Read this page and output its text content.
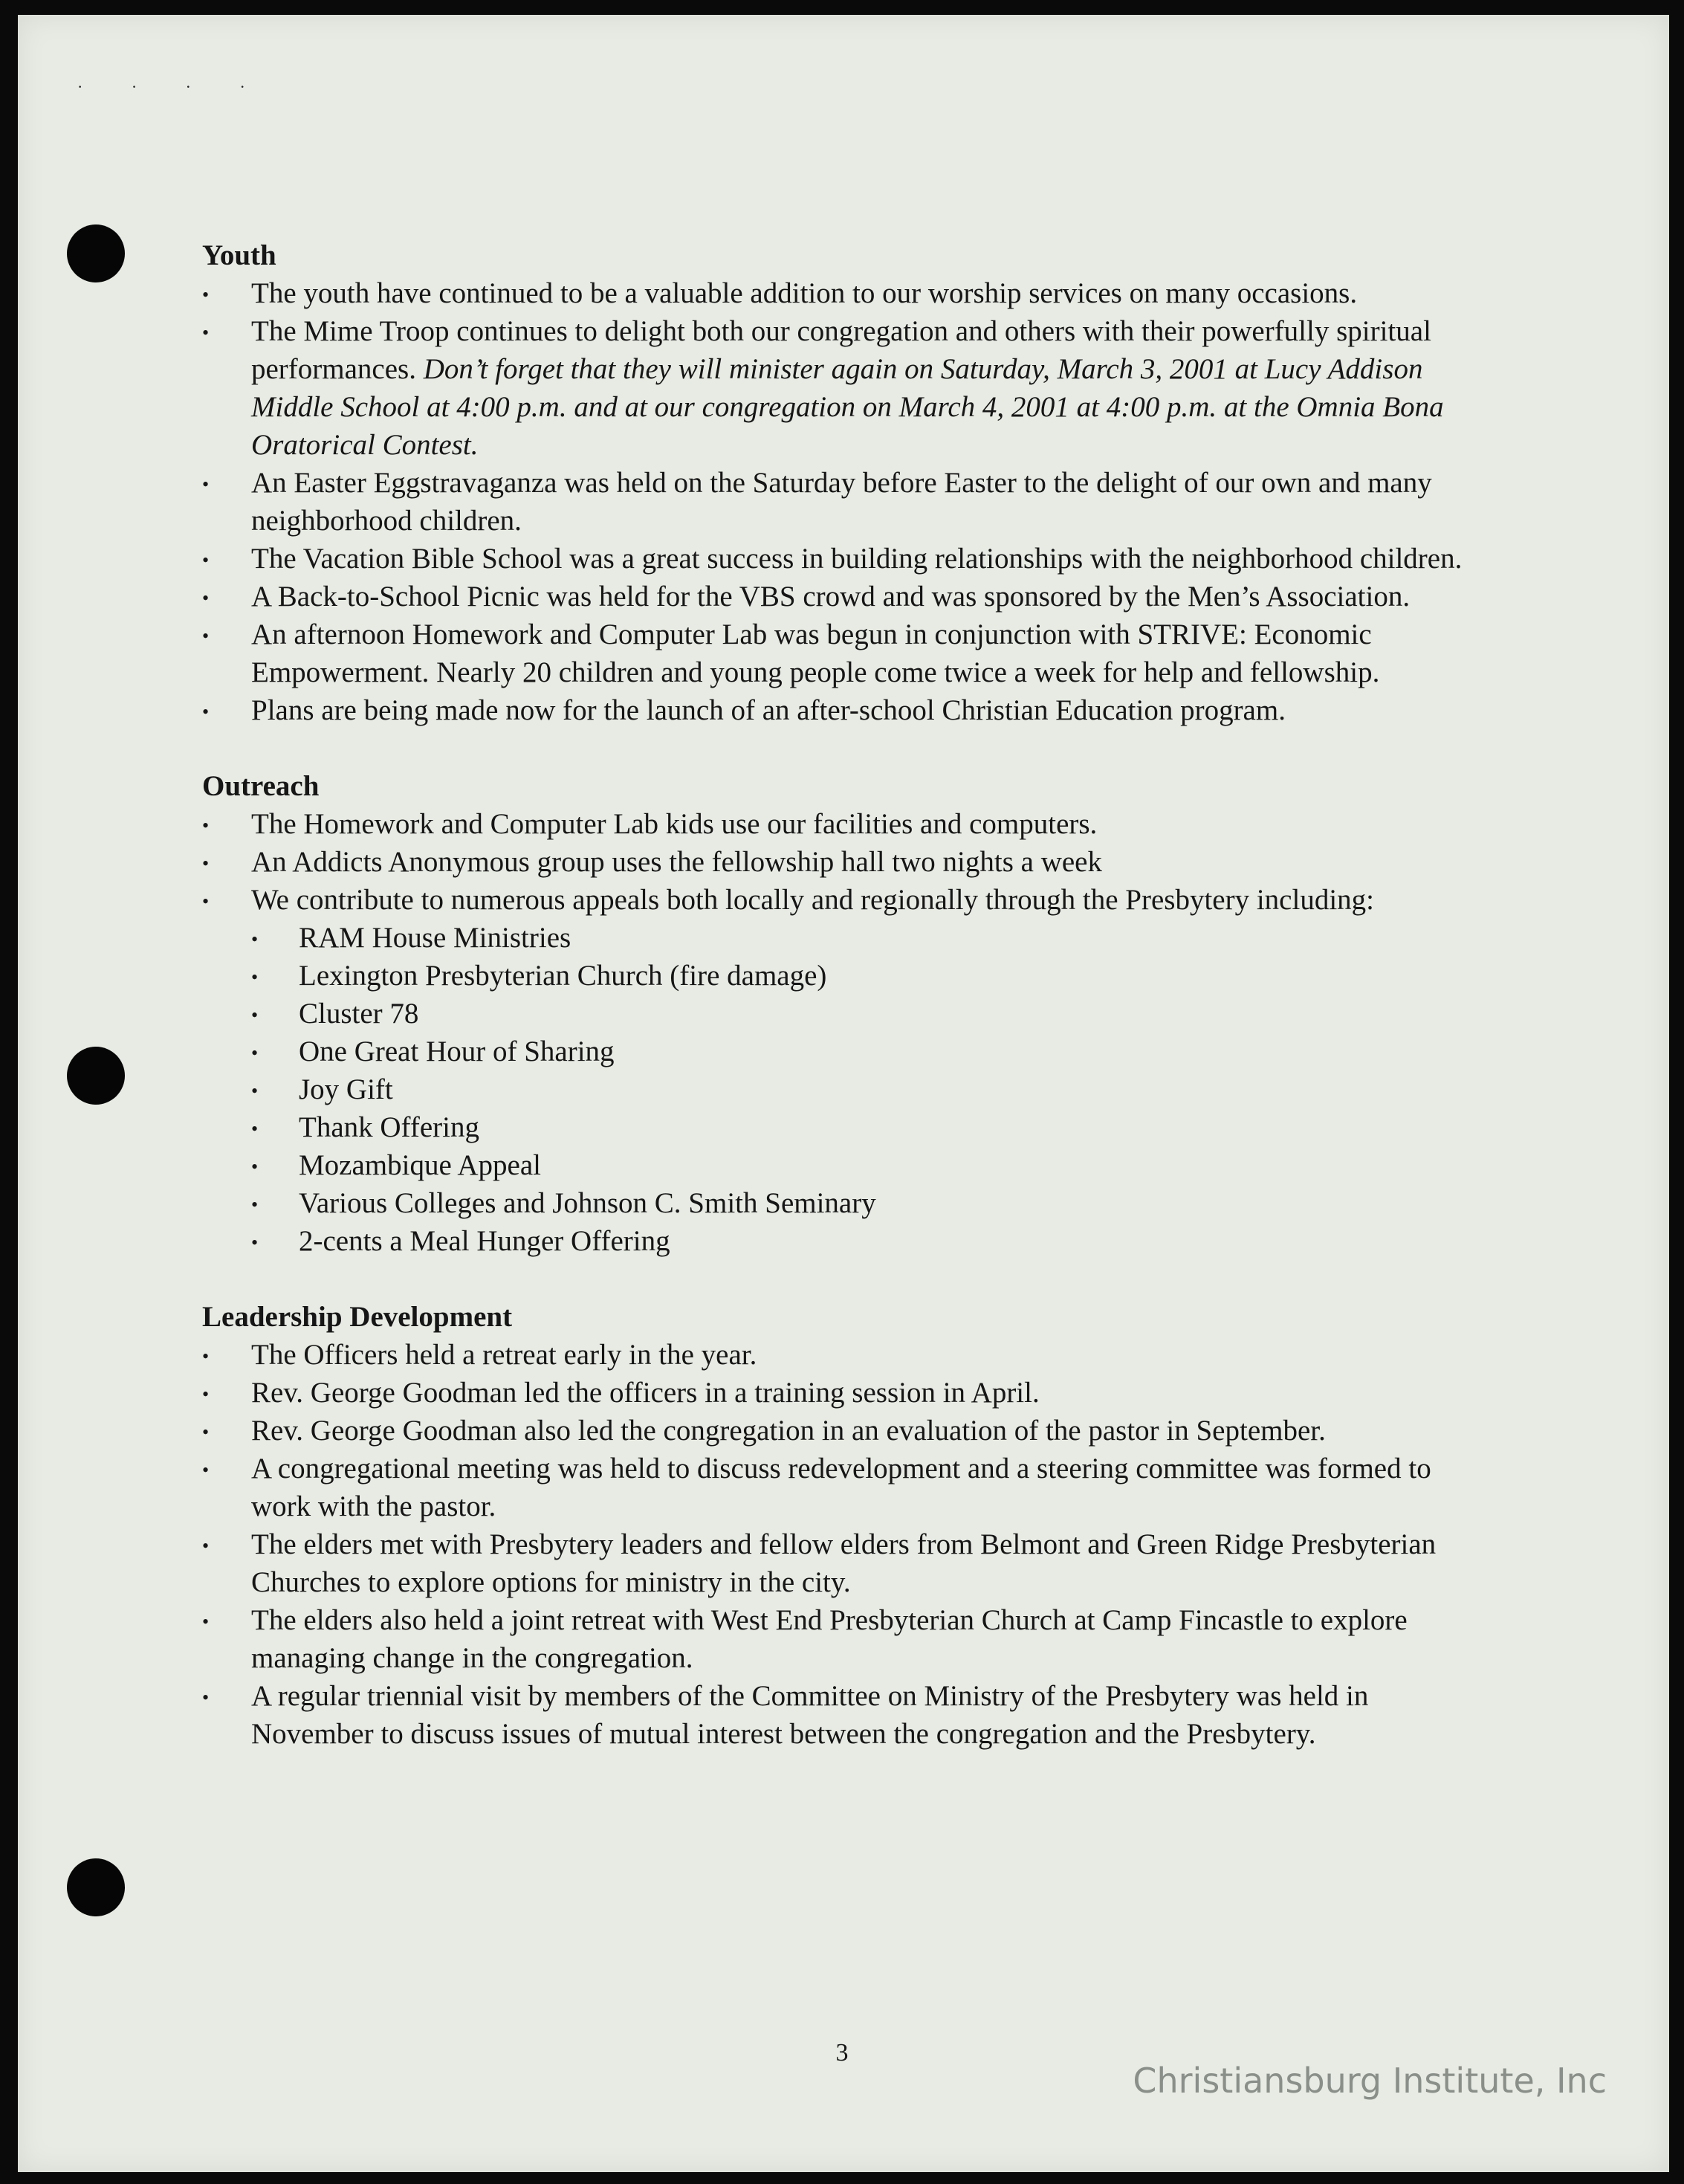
· · · ·

Youth

• The youth have continued to be a valuable addition to our worship services on many occasions.
• The Mime Troop continues to delight both our congregation and others with their powerfully spiritual performances. Don’t forget that they will minister again on Saturday, March 3, 2001 at Lucy Addison Middle School at 4:00 p.m. and at our congregation on March 4, 2001 at 4:00 p.m. at the Omnia Bona Oratorical Contest.
• An Easter Eggstravaganza was held on the Saturday before Easter to the delight of our own and many neighborhood children.
• The Vacation Bible School was a great success in building relationships with the neighborhood children.
• A Back-to-School Picnic was held for the VBS crowd and was sponsored by the Men’s Association.
• An afternoon Homework and Computer Lab was begun in conjunction with STRIVE: Economic Empowerment. Nearly 20 children and young people come twice a week for help and fellowship.
• Plans are being made now for the launch of an after-school Christian Education program.

Outreach

• The Homework and Computer Lab kids use our facilities and computers.
• An Addicts Anonymous group uses the fellowship hall two nights a week
• We contribute to numerous appeals both locally and regionally through the Presbytery including:
• RAM House Ministries
• Lexington Presbyterian Church (fire damage)
• Cluster 78
• One Great Hour of Sharing
• Joy Gift
• Thank Offering
• Mozambique Appeal
• Various Colleges and Johnson C. Smith Seminary
• 2-cents a Meal Hunger Offering

Leadership Development

• The Officers held a retreat early in the year.
• Rev. George Goodman led the officers in a training session in April.
• Rev. George Goodman also led the congregation in an evaluation of the pastor in September.
• A congregational meeting was held to discuss redevelopment and a steering committee was formed to work with the pastor.
• The elders met with Presbytery leaders and fellow elders from Belmont and Green Ridge Presbyterian Churches to explore options for ministry in the city.
• The elders also held a joint retreat with West End Presbyterian Church at Camp Fincastle to explore managing change in the congregation.
• A regular triennial visit by members of the Committee on Ministry of the Presbytery was held in November to discuss issues of mutual interest between the congregation and the Presbytery.
3
Christiansburg Institute, Inc
